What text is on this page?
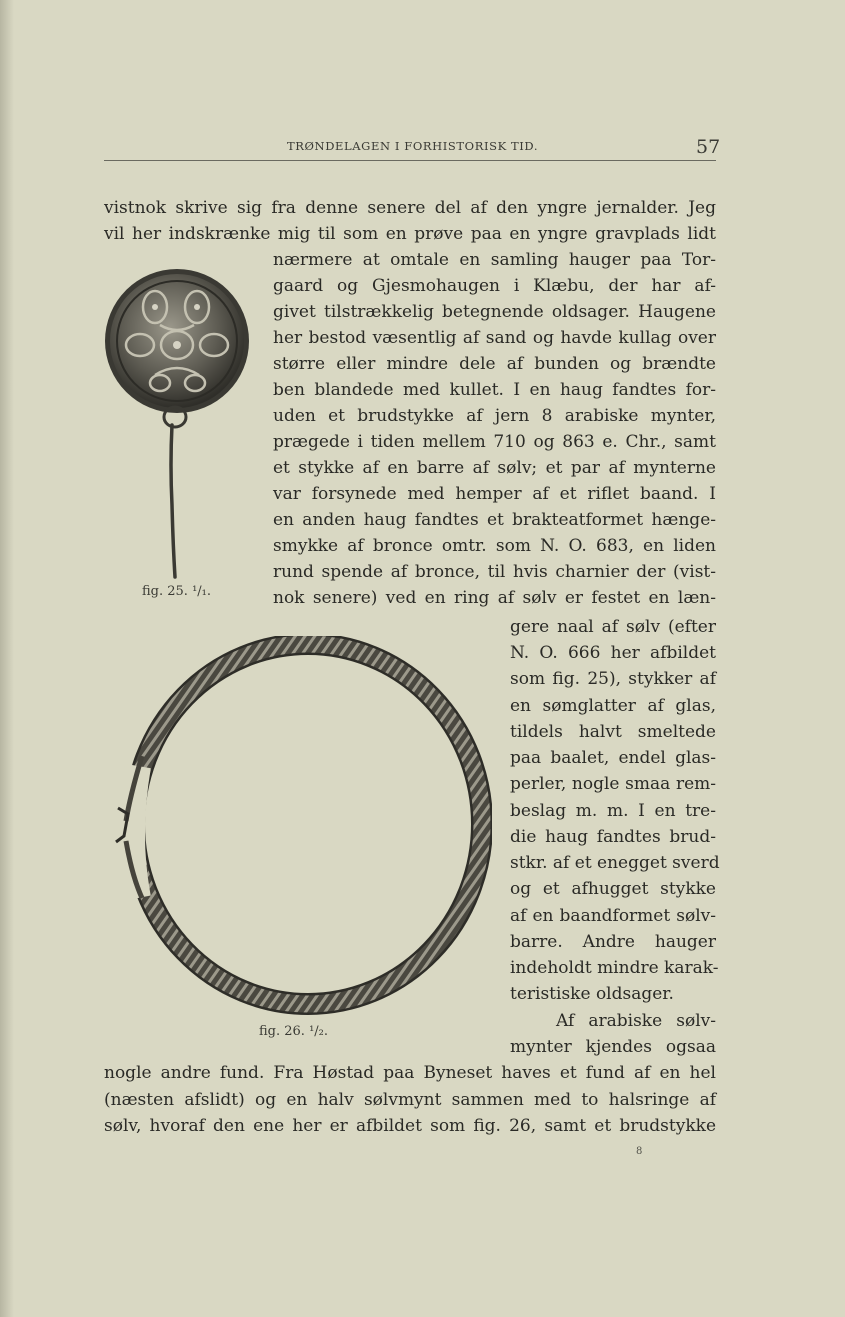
TRØNDELAGEN I FORHISTORISK TID.	57
vistnok skrive sig fra denne senere del af den yngre jernalder. Jeg
vil her indskrænke mig til som en prøve paa en yngre gravplads lidt
nærmere at omtale en samling hauger paa Tor-
gaard og Gjesmohaugen i Klæbu, der har af-
givet tilstrækkelig betegnende oldsager. Haugene
her bestod væsentlig af sand og havde kullag over
større eller mindre dele af bunden og brændte
ben blandede med kullet. I en haug fandtes for-
uden et brudstykke af jern 8 arabiske mynter,
prægede i tiden mellem 710 og 863 e. Chr., samt
et stykke af en barre af sølv; et par af mynterne
var forsynede med hemper af et riflet baand. I
en anden haug fandtes et brakteatformet hænge-
smykke af bronce omtr. som N. O. 683, en liden
rund spende af bronce, til hvis charnier der (vist-
nok senere) ved en ring af sølv er festet en læn-
gere naal af sølv (efter
N. O. 666 her afbildet
som fig. 25), stykker af
en sømglatter af glas,
tildels halvt smeltede
paa baalet, endel glas-
perler, nogle smaa rem-
beslag m. m. I en tre-
die haug fandtes brud-
stkr. af et enegget sverd
og et afhugget stykke
af en baandformet sølv-
barre. Andre hauger
indeholdt mindre karak-
teristiske oldsager.
Af arabiske sølv-
mynter kjendes ogsaa
nogle andre fund. Fra Høstad paa Byneset haves et fund af en hel
(næsten afslidt) og en halv sølvmynt sammen med to halsringe af
sølv, hvoraf den ene her er afbildet som fig. 26, samt et brudstykke
fig. 25. ¹/₁.
fig. 26. ¹/₂.
8
